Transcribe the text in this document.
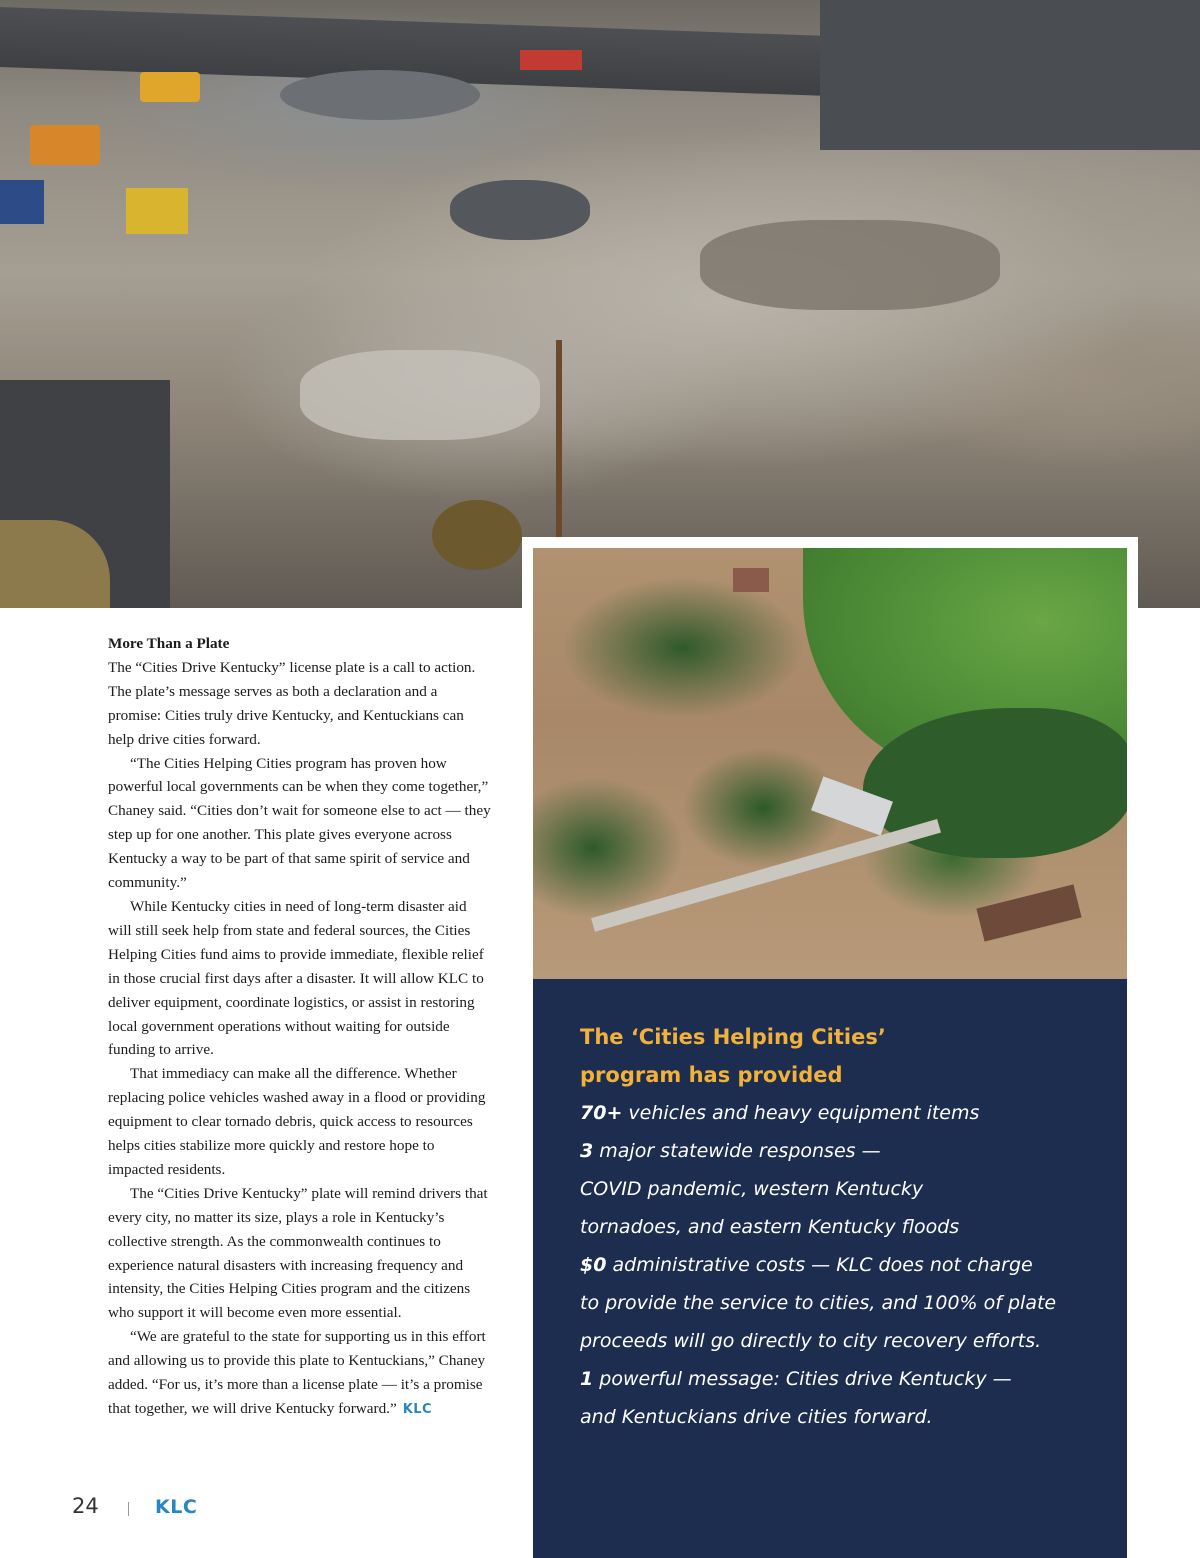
The ‘Cities Helping Cities’
program has provided
70+ vehicles and heavy equipment items
3 major statewide responses —
COVID pandemic, western Kentucky
tornadoes, and eastern Kentucky floods
$0 administrative costs — KLC does not charge
to provide the service to cities, and 100% of plate
proceeds will go directly to city recovery efforts.
1 powerful message: Cities drive Kentucky —
and Kentuckians drive cities forward.
More Than a Plate

The “Cities Drive Kentucky” license plate is a call to action. The plate’s message serves as both a declaration and a promise: Cities truly drive Kentucky, and Kentuckians can help drive cities forward.

“The Cities Helping Cities program has proven how powerful local governments can be when they come together,” Chaney said. “Cities don’t wait for someone else to act — they step up for one another. This plate gives everyone across Kentucky a way to be part of that same spirit of service and community.”

While Kentucky cities in need of long-term disaster aid will still seek help from state and federal sources, the Cities Helping Cities fund aims to provide immediate, flexible relief in those crucial first days after a disaster. It will allow KLC to deliver equipment, coordinate logistics, or assist in restoring local government operations without waiting for outside funding to arrive.

That immediacy can make all the difference. Whether replacing police vehicles washed away in a flood or providing equipment to clear tornado debris, quick access to resources helps cities stabilize more quickly and restore hope to impacted residents.

The “Cities Drive Kentucky” plate will remind drivers that every city, no matter its size, plays a role in Kentucky’s collective strength. As the commonwealth continues to experience natural disasters with increasing frequency and intensity, the Cities Helping Cities program and the citizens who support it will become even more essential.

“We are grateful to the state for supporting us in this effort and allowing us to provide this plate to Kentuckians,” Chaney added. “For us, it’s more than a license plate — it’s a promise that together, we will drive Kentucky forward.” KLC

24	KLC
